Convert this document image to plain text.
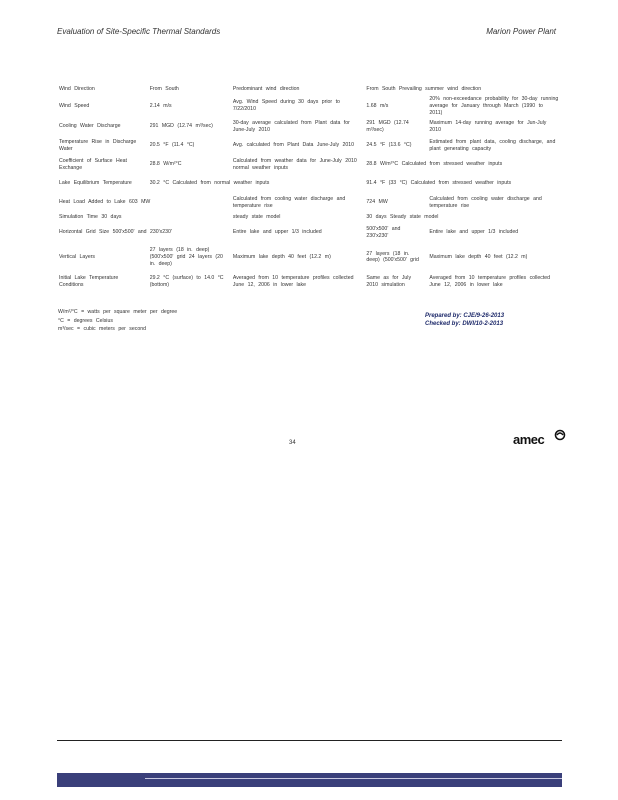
Evaluation of Site-Specific Thermal Standards	Marion Power Plant
Wind Direction	From South	Predominant wind direction	From South Prevailing summer wind direction	
Wind Speed	2.14 m/s	Avg. Wind Speed during 30 days prior to 7/22/2010	1.68 m/s	20% non-exceedance probability for 30-day running average for January through March (1990 to 2011)
Cooling Water Discharge	291 MGD (12.74 m³/sec)	30-day average calculated from Plant data for June-July 2010	291 MGD (12.74 m³/sec)	Maximum 14-day running average for Jun-July 2010
Temperature Rise in Discharge Water	20.5 °F (11.4 °C)	Avg. calculated from Plant Data June-July 2010	24.5 °F (13.6 °C)	Estimated from plant data, cooling discharge, and plant generating capacity
Coefficient of Surface Heat Exchange	28.8 W/m²°C	Calculated from weather data for June-July 2010 normal weather inputs	28.8 W/m²°C Calculated from stressed weather inputs	
Lake Equilibrium Temperature	30.2 °C Calculated from normal weather inputs		91.4 °F (33 °C) Calculated from stressed weather inputs	
Heat Load Added to Lake 603 MW		Calculated from cooling water discharge and temperature rise	724 MW	Calculated from cooling water discharge and temperature rise
Simulation Time 30 days		steady state model	30 days Steady state model	
Horizontal Grid Size 500'x500' and 230'x230'		Entire lake and upper 1/3 included	500'x500' and 230'x230'	Entire lake and upper 1/3 included
Vertical Layers	27 layers (18 in. deep) (500'x500' grid 24 layers (20 in. deep)	Maximum lake depth 40 feet (12.2 m)	27 layers (18 in. deep) (500'x500' grid	Maximum lake depth 40 feet (12.2 m)
Initial Lake Temperature Conditions	29.2 °C (surface) to 14.0 °C (bottom)	Averaged from 10 temperature profiles collected June 12, 2006 in lower lake	Same as for July 2010 simulation	Averaged from 10 temperature profiles collected June 12, 2006 in lower lake
W/m²/°C = watts per square meter per degree
°C = degrees Celsius
m³/sec = cubic meters per second
Prepared by: CJE/9-26-2013
Checked by: DWI/10-2-2013
34	amec
